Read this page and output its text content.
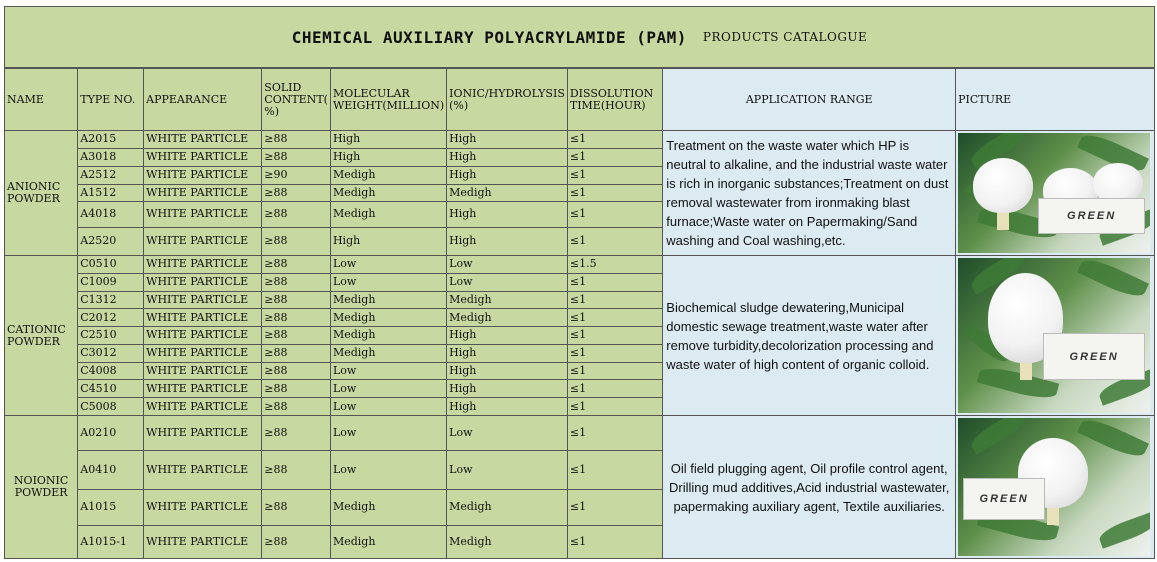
CHEMICAL AUXILIARY POLYACRYLAMIDE (PAM) PRODUCTS CATALOGUE
NAME	TYPE NO.	APPEARANCE	SOLID CONTENT( %)	MOLECULAR WEIGHT(MILLION)	IONIC/HYDROLYSIS (%)	DISSOLUTION TIME(HOUR)	APPLICATION RANGE	PICTURE
ANIONIC POWDER	A2015	WHITE PARTICLE	≥88	High	High	≤1	Treatment on the waste water which HP is neutral to alkaline, and the industrial waste water is rich in inorganic substances;Treatment on dust removal wastewater from ironmaking blast furnace;Waste water on Papermaking/Sand washing and Coal washing,etc.	GREEN

	A3018	WHITE PARTICLE	≥88	High	High	≤1		
	A2512	WHITE PARTICLE	≥90	Medigh	High	≤1		
	A1512	WHITE PARTICLE	≥88	Medigh	Medigh	≤1		
	A4018	WHITE PARTICLE	≥88	Medigh	High	≤1		
	A2520	WHITE PARTICLE	≥88	High	High	≤1		
CATIONIC POWDER	C0510	WHITE PARTICLE	≥88	Low	Low	≤1.5	Biochemical sludge dewatering,Municipal domestic sewage treatment,waste water after remove turbidity,decolorization processing and waste water of high content of organic colloid.	GREEN

	C1009	WHITE PARTICLE	≥88	Low	Low	≤1		
	C1312	WHITE PARTICLE	≥88	Medigh	Medigh	≤1		
	C2012	WHITE PARTICLE	≥88	Medigh	Medigh	≤1		
	C2510	WHITE PARTICLE	≥88	Medigh	High	≤1		
	C3012	WHITE PARTICLE	≥88	Medigh	High	≤1		
	C4008	WHITE PARTICLE	≥88	Low	High	≤1		
	C4510	WHITE PARTICLE	≥88	Low	High	≤1		
	C5008	WHITE PARTICLE	≥88	Low	High	≤1		
NOIONIC POWDER	A0210	WHITE PARTICLE	≥88	Low	Low	≤1	Oil field plugging agent, Oil profile control agent, Drilling mud additives,Acid industrial wastewater, papermaking auxiliary agent, Textile auxiliaries.	GREEN

	A0410	WHITE PARTICLE	≥88	Low	Low	≤1		
	A1015	WHITE PARTICLE	≥88	Medigh	Medigh	≤1		
	A1015-1	WHITE PARTICLE	≥88	Medigh	Medigh	≤1		
